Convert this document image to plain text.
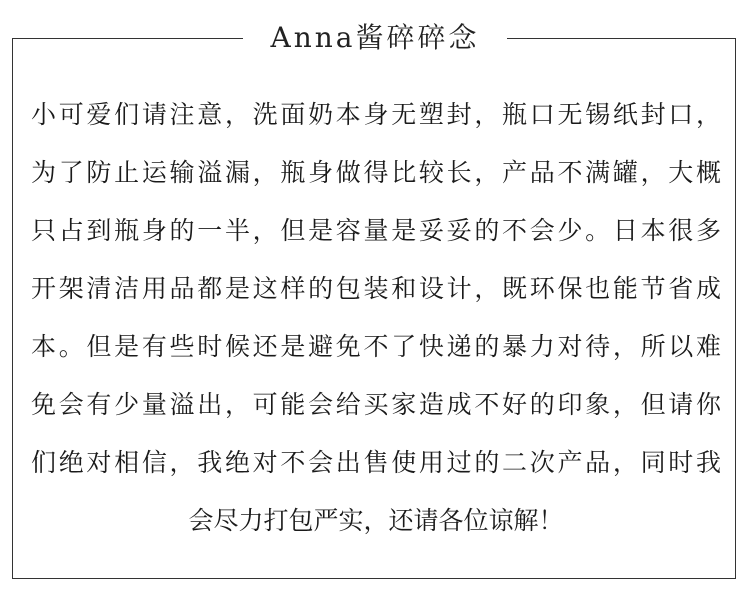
Anna酱碎碎念
小可爱们请注意，洗面奶本身无塑封，瓶口无锡纸封口，
为了防止运输溢漏，瓶身做得比较长，产品不满罐，大概
只占到瓶身的一半，但是容量是妥妥的不会少。日本很多
开架清洁用品都是这样的包装和设计，既环保也能节省成
本。但是有些时候还是避免不了快递的暴力对待，所以难
免会有少量溢出，可能会给买家造成不好的印象，但请你
们绝对相信，我绝对不会出售使用过的二次产品，同时我
会尽力打包严实，还请各位谅解！
